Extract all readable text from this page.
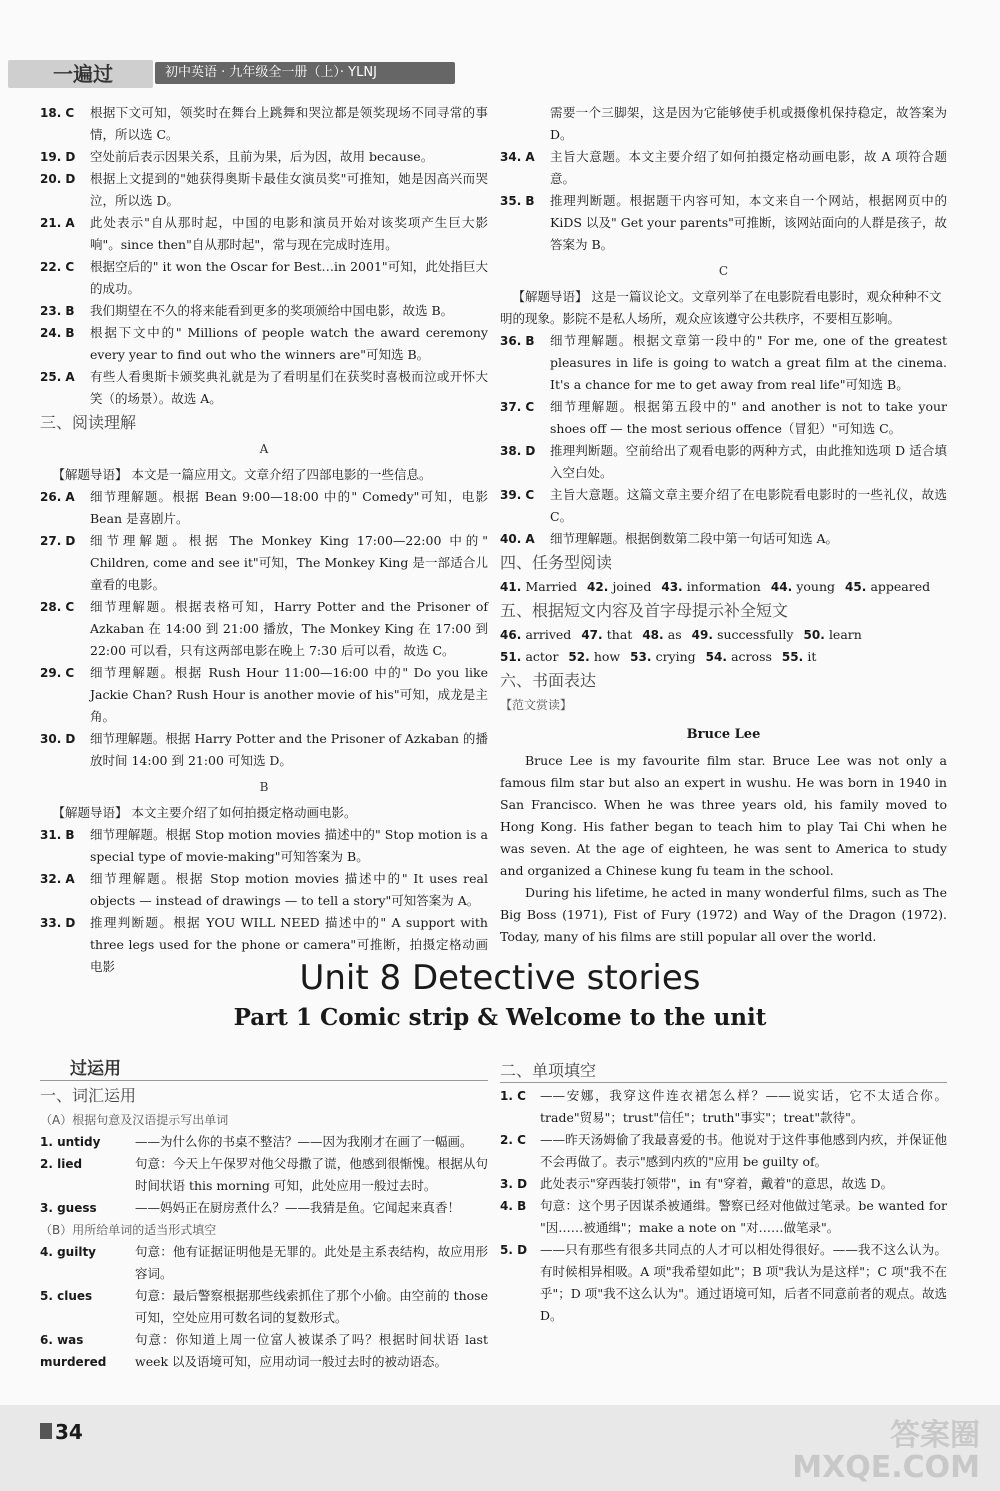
一遍过	初中英语 · 九年级全一册（上）· YLNJ
18. C	根据下文可知，领奖时在舞台上跳舞和哭泣都是领奖现场不同寻常的事情，所以选 C。
19. D	空处前后表示因果关系，且前为果，后为因，故用 because。
20. D	根据上文提到的"她获得奥斯卡最佳女演员奖"可推知，她是因高兴而哭泣，所以选 D。
21. A	此处表示"自从那时起，中国的电影和演员开始对该奖项产生巨大影响"。since then"自从那时起"，常与现在完成时连用。
22. C	根据空后的" it won the Oscar for Best…in 2001"可知，此处指巨大的成功。
23. B	我们期望在不久的将来能看到更多的奖项颁给中国电影，故选 B。
24. B	根据下文中的" Millions of people watch the award ceremony every year to find out who the winners are"可知选 B。
25. A	有些人看奥斯卡颁奖典礼就是为了看明星们在获奖时喜极而泣或开怀大笑（的场景）。故选 A。
三、阅读理解
A
【解题导语】 本文是一篇应用文。文章介绍了四部电影的一些信息。
26. A	细节理解题。根据 Bean 9:00—18:00 中的" Comedy"可知，电影 Bean 是喜剧片。
27. D	细节理解题。根据 The Monkey King 17:00—22:00 中的" Children, come and see it"可知，The Monkey King 是一部适合儿童看的电影。
28. C	细节理解题。根据表格可知，Harry Potter and the Prisoner of Azkaban 在 14:00 到 21:00 播放，The Monkey King 在 17:00 到 22:00 可以看，只有这两部电影在晚上 7:30 后可以看，故选 C。
29. C	细节理解题。根据 Rush Hour 11:00—16:00 中的" Do you like Jackie Chan? Rush Hour is another movie of his"可知，成龙是主角。
30. D	细节理解题。根据 Harry Potter and the Prisoner of Azkaban 的播放时间 14:00 到 21:00 可知选 D。
B
【解题导语】 本文主要介绍了如何拍摄定格动画电影。
31. B	细节理解题。根据 Stop motion movies 描述中的" Stop motion is a special type of movie-making"可知答案为 B。
32. A	细节理解题。根据 Stop motion movies 描述中的" It uses real objects — instead of drawings — to tell a story"可知答案为 A。
33. D	推理判断题。根据 YOU WILL NEED 描述中的" A support with three legs used for the phone or camera"可推断，拍摄定格动画电影
需要一个三脚架，这是因为它能够使手机或摄像机保持稳定，故答案为 D。
34. A	主旨大意题。本文主要介绍了如何拍摄定格动画电影，故 A 项符合题意。
35. B	推理判断题。根据题干内容可知，本文来自一个网站，根据网页中的 KiDS 以及" Get your parents"可推断，该网站面向的人群是孩子，故答案为 B。
C
【解题导语】 这是一篇议论文。文章列举了在电影院看电影时，观众种种不文明的现象。影院不是私人场所，观众应该遵守公共秩序，不要相互影响。
36. B	细节理解题。根据文章第一段中的" For me, one of the greatest pleasures in life is going to watch a great film at the cinema. It's a chance for me to get away from real life"可知选 B。
37. C	细节理解题。根据第五段中的" and another is not to take your shoes off — the most serious offence（冒犯）"可知选 C。
38. D	推理判断题。空前给出了观看电影的两种方式，由此推知选项 D 适合填入空白处。
39. C	主旨大意题。这篇文章主要介绍了在电影院看电影时的一些礼仪，故选 C。
40. A	细节理解题。根据倒数第二段中第一句话可知选 A。
四、任务型阅读
41. Married 42. joined 43. information 44. young 45. appeared
五、根据短文内容及首字母提示补全短文
46. arrived 47. that 48. as 49. successfully 50. learn
51. actor 52. how 53. crying 54. across 55. it
六、书面表达
【范文赏读】
Bruce Lee

Bruce Lee is my favourite film star. Bruce Lee was not only a famous film star but also an expert in wushu. He was born in 1940 in San Francisco. When he was three years old, his family moved to Hong Kong. His father began to teach him to play Tai Chi when he was seven. At the age of eighteen, he was sent to America to study and organized a Chinese kung fu team in the school.

During his lifetime, he acted in many wonderful films, such as The Big Boss (1971), Fist of Fury (1972) and Way of the Dragon (1972). Today, many of his films are still popular all over the world.

Unit 8 Detective stories
Part 1 Comic strip & Welcome to the unit
过运用
一、词汇运用
（A）根据句意及汉语提示写出单词
1. untidy	——为什么你的书桌不整洁？——因为我刚才在画了一幅画。
2. lied	句意：今天上午保罗对他父母撒了谎，他感到很惭愧。根据从句时间状语 this morning 可知，此处应用一般过去时。
3. guess	——妈妈正在厨房煮什么？——我猜是鱼。它闻起来真香！
（B）用所给单词的适当形式填空
4. guilty	句意：他有证据证明他是无罪的。此处是主系表结构，故应用形容词。
5. clues	句意：最后警察根据那些线索抓住了那个小偷。由空前的 those 可知，空处应用可数名词的复数形式。
6. was murdered
句意：你知道上周一位富人被谋杀了吗？根据时间状语 last week 以及语境可知，应用动词一般过去时的被动语态。
二、单项填空
1. C	——安娜，我穿这件连衣裙怎么样？——说实话，它不太适合你。trade"贸易"；trust"信任"；truth"事实"；treat"款待"。
2. C	——昨天汤姆偷了我最喜爱的书。他说对于这件事他感到内疚，并保证他不会再做了。表示"感到内疚的"应用 be guilty of。
3. D	此处表示"穿西装打领带"，in 有"穿着，戴着"的意思，故选 D。
4. B	句意：这个男子因谋杀被通缉。警察已经对他做过笔录。be wanted for "因……被通缉"；make a note on "对……做笔录"。
5. D	——只有那些有很多共同点的人才可以相处得很好。——我不这么认为。有时候相异相吸。A 项"我希望如此"；B 项"我认为是这样"；C 项"我不在乎"；D 项"我不这么认为"。通过语境可知，后者不同意前者的观点。故选 D。
34	答案圈
MXQE.COM
